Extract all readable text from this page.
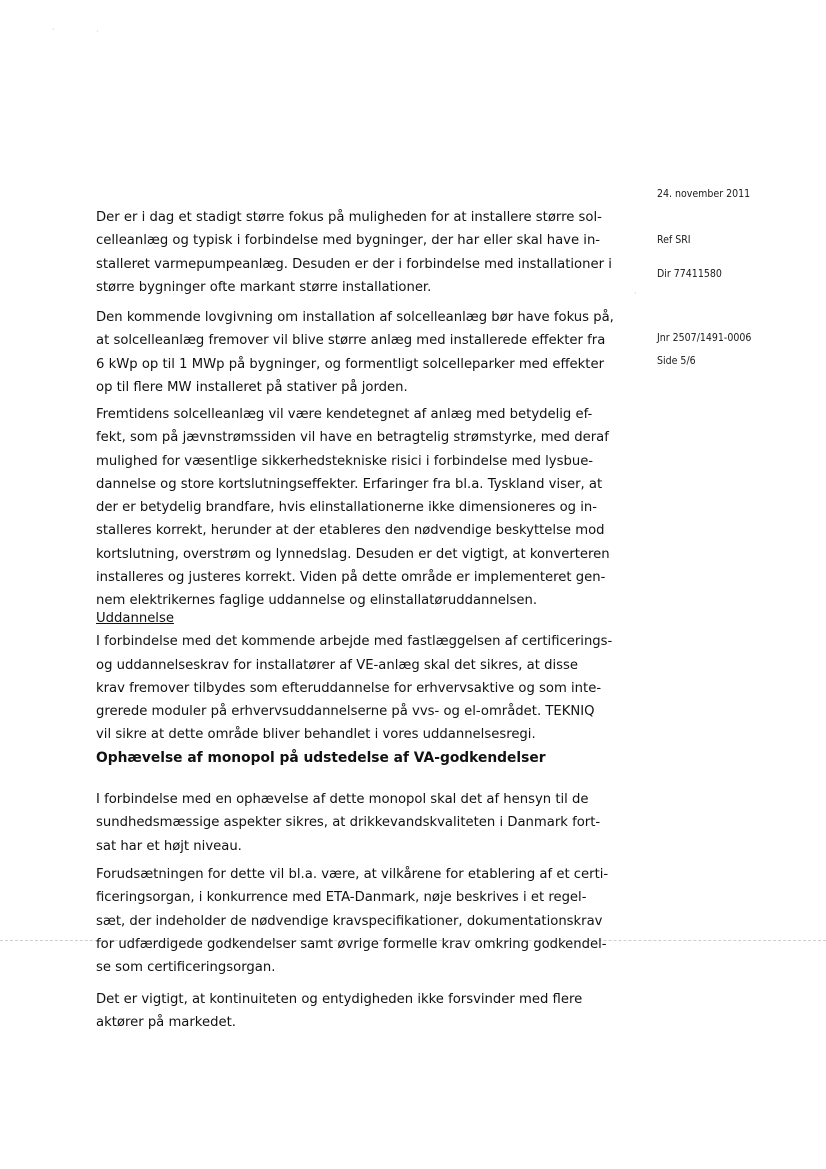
·	·
·
24. november 2011
Ref SRI
Dir 77411580
Jnr 2507/1491-0006
Side 5/6

Der er i dag et stadigt større fokus på muligheden for at installere større sol-
celleanlæg og typisk i forbindelse med bygninger, der har eller skal have in-
stalleret varmepumpeanlæg. Desuden er der i forbindelse med installationer i
større bygninger ofte markant større installationer.

Den kommende lovgivning om installation af solcelleanlæg bør have fokus på,
at solcelleanlæg fremover vil blive større anlæg med installerede effekter fra
6 kWp op til 1 MWp på bygninger, og formentligt solcelleparker med effekter
op til flere MW installeret på stativer på jorden.

Fremtidens solcelleanlæg vil være kendetegnet af anlæg med betydelig ef-
fekt, som på jævnstrømssiden vil have en betragtelig strømstyrke, med deraf
mulighed for væsentlige sikkerhedstekniske risici i forbindelse med lysbue-
dannelse og store kortslutningseffekter. Erfaringer fra bl.a. Tyskland viser, at
der er betydelig brandfare, hvis elinstallationerne ikke dimensioneres og in-
stalleres korrekt, herunder at der etableres den nødvendige beskyttelse mod
kortslutning, overstrøm og lynnedslag. Desuden er det vigtigt, at konverteren
installeres og justeres korrekt. Viden på dette område er implementeret gen-
nem elektrikernes faglige uddannelse og elinstallatøruddannelsen.

Uddannelse
I forbindelse med det kommende arbejde med fastlæggelsen af certificerings-
og uddannelseskrav for installatører af VE-anlæg skal det sikres, at disse
krav fremover tilbydes som efteruddannelse for erhvervsaktive og som inte-
grerede moduler på erhvervsuddannelserne på vvs- og el-området. TEKNIQ
vil sikre at dette område bliver behandlet i vores uddannelsesregi.

Ophævelse af monopol på udstedelse af VA-godkendelser

I forbindelse med en ophævelse af dette monopol skal det af hensyn til de
sundhedsmæssige aspekter sikres, at drikkevandskvaliteten i Danmark fort-
sat har et højt niveau.

Forudsætningen for dette vil bl.a. være, at vilkårene for etablering af et certi-
ficeringsorgan, i konkurrence med ETA-Danmark, nøje beskrives i et regel-
sæt, der indeholder de nødvendige kravspecifikationer, dokumentationskrav
for udfærdigede godkendelser samt øvrige formelle krav omkring godkendel-
se som certificeringsorgan.

Det er vigtigt, at kontinuiteten og entydigheden ikke forsvinder med flere
aktører på markedet.
